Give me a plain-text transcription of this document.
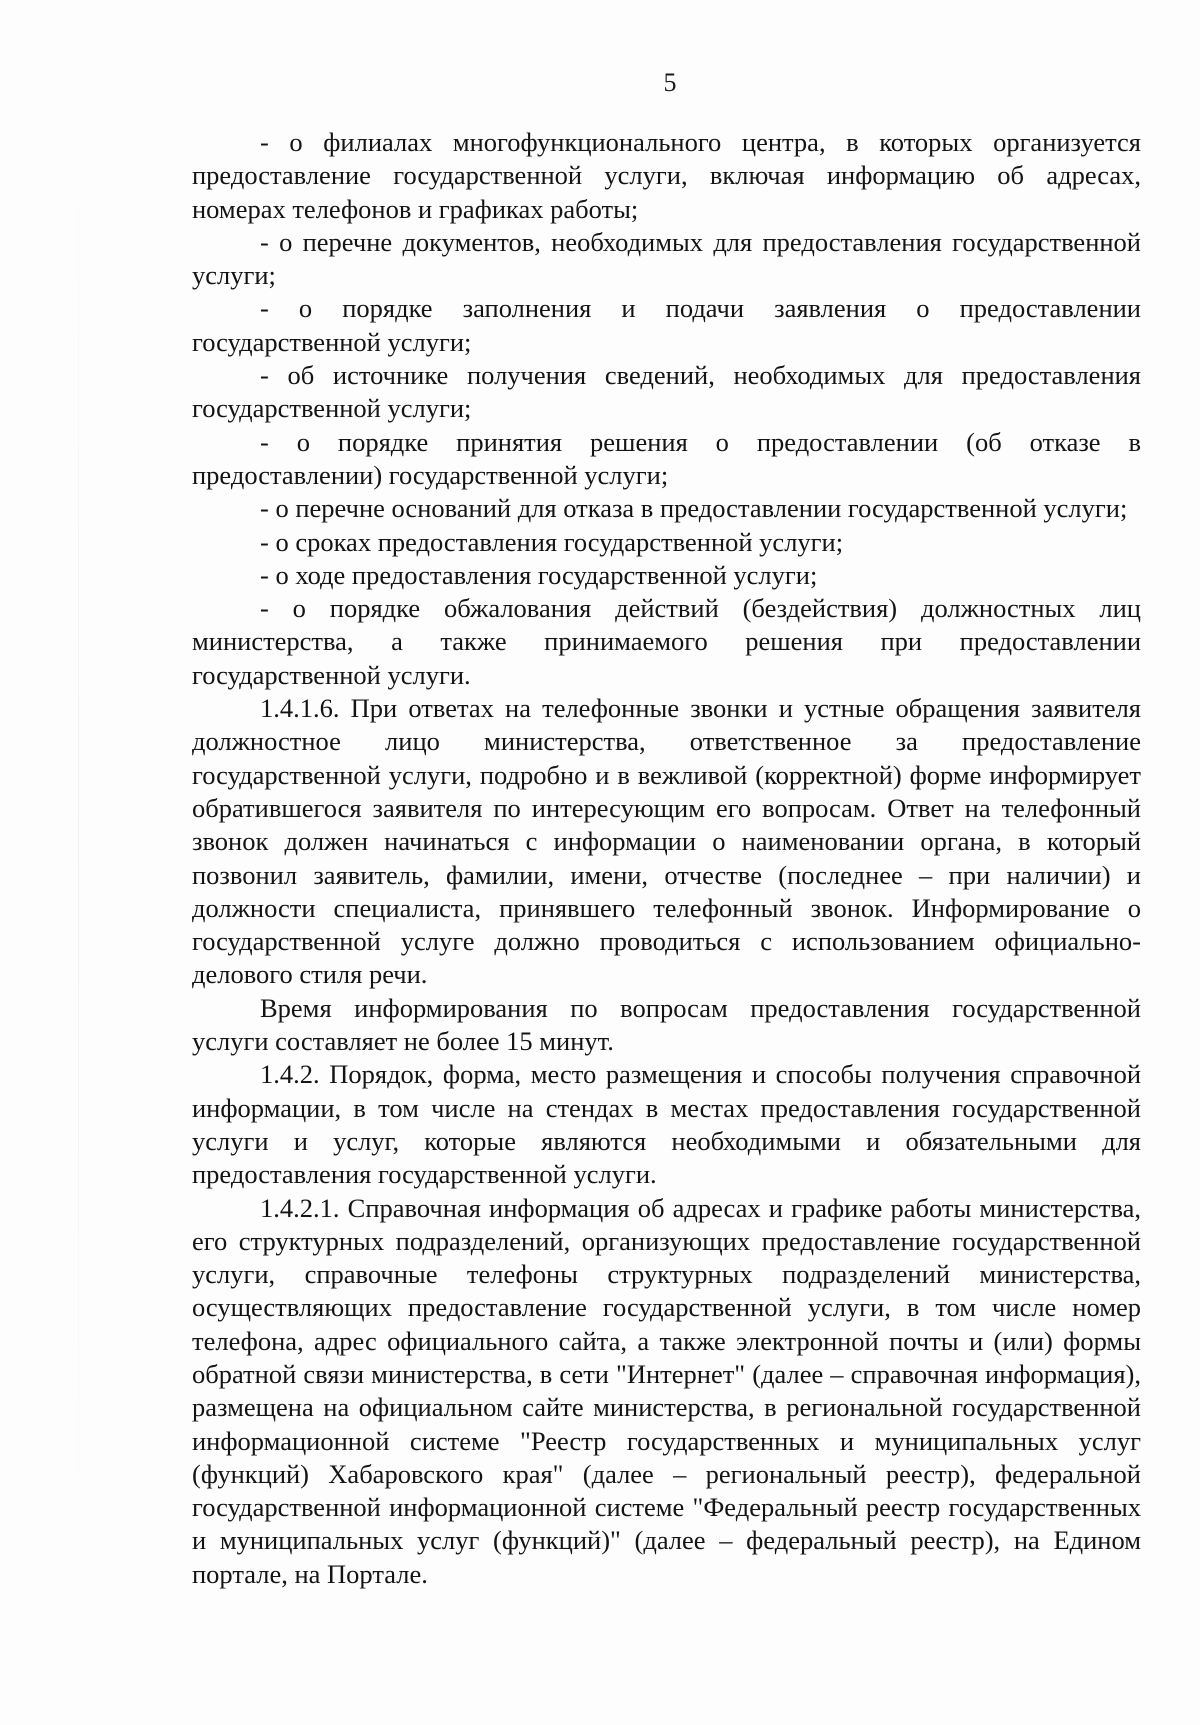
5

- о филиалах многофункционального центра, в которых организуется предоставление государственной услуги, включая информацию об адресах, номерах телефонов и графиках работы;

- о перечне документов, необходимых для предоставления государственной услуги;

- о порядке заполнения и подачи заявления о предоставлении государственной услуги;

- об источнике получения сведений, необходимых для предоставления государственной услуги;

- о порядке принятия решения о предоставлении (об отказе в предоставлении) государственной услуги;

- о перечне оснований для отказа в предоставлении государственной услуги;

- о сроках предоставления государственной услуги;

- о ходе предоставления государственной услуги;

- о порядке обжалования действий (бездействия) должностных лиц министерства, а также принимаемого решения при предоставлении государственной услуги.

1.4.1.6. При ответах на телефонные звонки и устные обращения заявителя должностное лицо министерства, ответственное за предоставление государственной услуги, подробно и в вежливой (корректной) форме информирует обратившегося заявителя по интересующим его вопросам. Ответ на телефонный звонок должен начинаться с информации о наименовании органа, в который позвонил заявитель, фамилии, имени, отчестве (последнее – при наличии) и должности специалиста, принявшего телефонный звонок. Информирование о государственной услуге должно проводиться с использованием официально-делового стиля речи.

Время информирования по вопросам предоставления государственной услуги составляет не более 15 минут.

1.4.2. Порядок, форма, место размещения и способы получения справочной информации, в том числе на стендах в местах предоставления государственной услуги и услуг, которые являются необходимыми и обязательными для предоставления государственной услуги.

1.4.2.1. Справочная информация об адресах и графике работы министерства, его структурных подразделений, организующих предоставление государственной услуги, справочные телефоны структурных подразделений министерства, осуществляющих предоставление государственной услуги, в том числе номер телефона, адрес официального сайта, а также электронной почты и (или) формы обратной связи министерства, в сети "Интернет" (далее – справочная информация), размещена на официальном сайте министерства, в региональной государственной информационной системе "Реестр государственных и муниципальных услуг (функций) Хабаровского края" (далее – региональный реестр), федеральной государственной информационной системе "Федеральный реестр государственных и муниципальных услуг (функций)" (далее – федеральный реестр), на Едином портале, на Портале.
